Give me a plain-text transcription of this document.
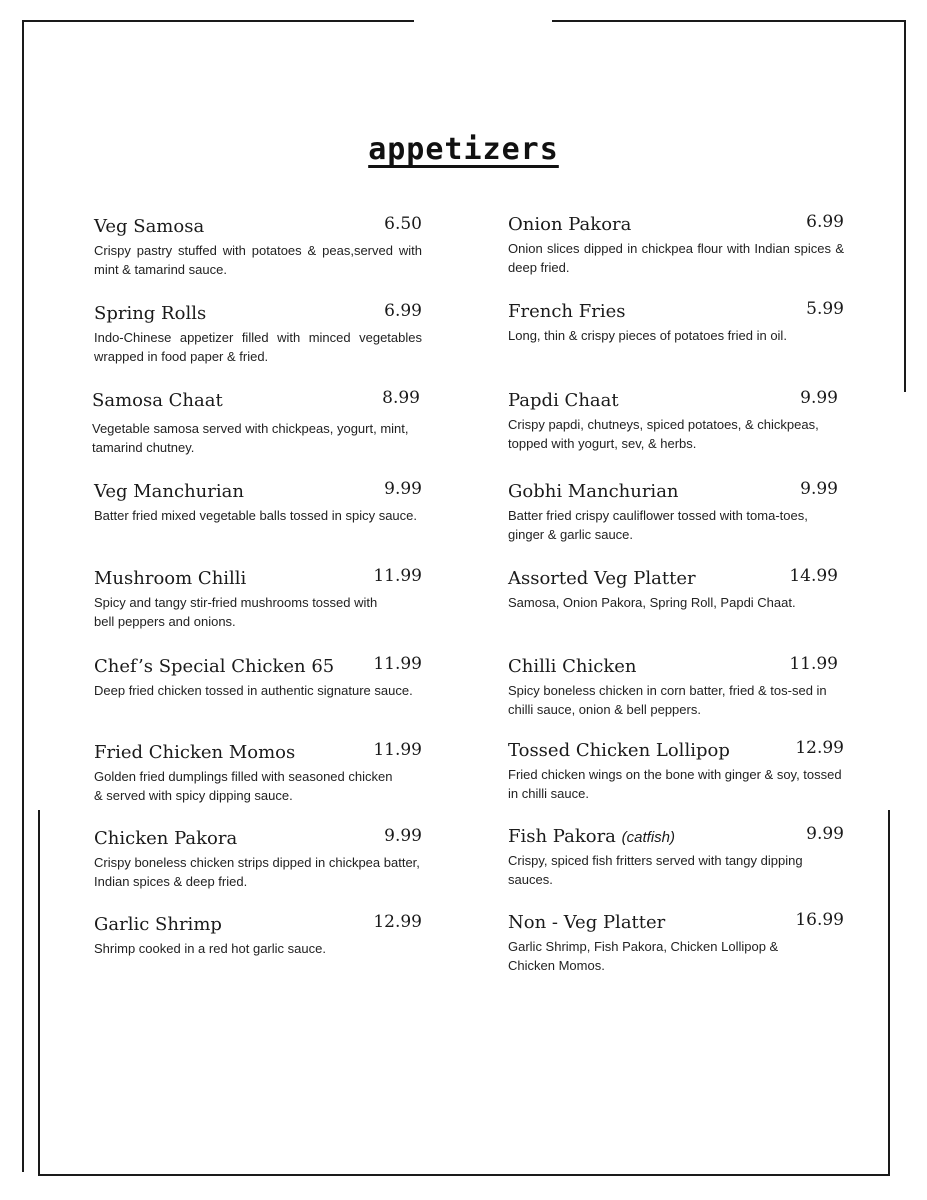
appetizers
Veg Samosa	6.50
Crispy pastry stuffed with potatoes & peas,served with mint & tamarind sauce.
Spring Rolls	6.99
Indo-Chinese appetizer filled with minced vegetables wrapped in food paper & fried.
Samosa Chaat	8.99
Vegetable samosa served with chickpeas, yogurt, mint, tamarind chutney.
Veg Manchurian	9.99
Batter fried mixed vegetable balls tossed in spicy sauce.
Mushroom Chilli	11.99
Spicy and tangy stir-fried mushrooms tossed with bell peppers and onions.
Chef’s Special Chicken 65 11.99
Deep fried chicken tossed in authentic signature sauce.
Fried Chicken Momos	11.99
Golden fried dumplings filled with seasoned chicken & served with spicy dipping sauce.
Chicken Pakora	9.99
Crispy boneless chicken strips dipped in chickpea batter, Indian spices & deep fried.
Garlic Shrimp	12.99
Shrimp cooked in a red hot garlic sauce.
Onion Pakora	6.99
Onion slices dipped in chickpea flour with Indian spices & deep fried.
French Fries	5.99
Long, thin & crispy pieces of potatoes fried in oil.
Papdi Chaat	9.99
Crispy papdi, chutneys, spiced potatoes, & chickpeas, topped with yogurt, sev, & herbs.
Gobhi Manchurian	9.99
Batter fried crispy cauliflower tossed with toma-toes, ginger & garlic sauce.
Assorted Veg Platter	14.99
Samosa, Onion Pakora, Spring Roll, Papdi Chaat.
Chilli Chicken	11.99
Spicy boneless chicken in corn batter, fried & tos-sed in chilli sauce, onion & bell peppers.
Tossed Chicken Lollipop	12.99
Fried chicken wings on the bone with ginger & soy, tossed in chilli sauce.
Fish Pakora (catfish)	9.99
Crispy, spiced fish fritters served with tangy dipping sauces.
Non - Veg Platter	16.99
Garlic Shrimp, Fish Pakora, Chicken Lollipop & Chicken Momos.
